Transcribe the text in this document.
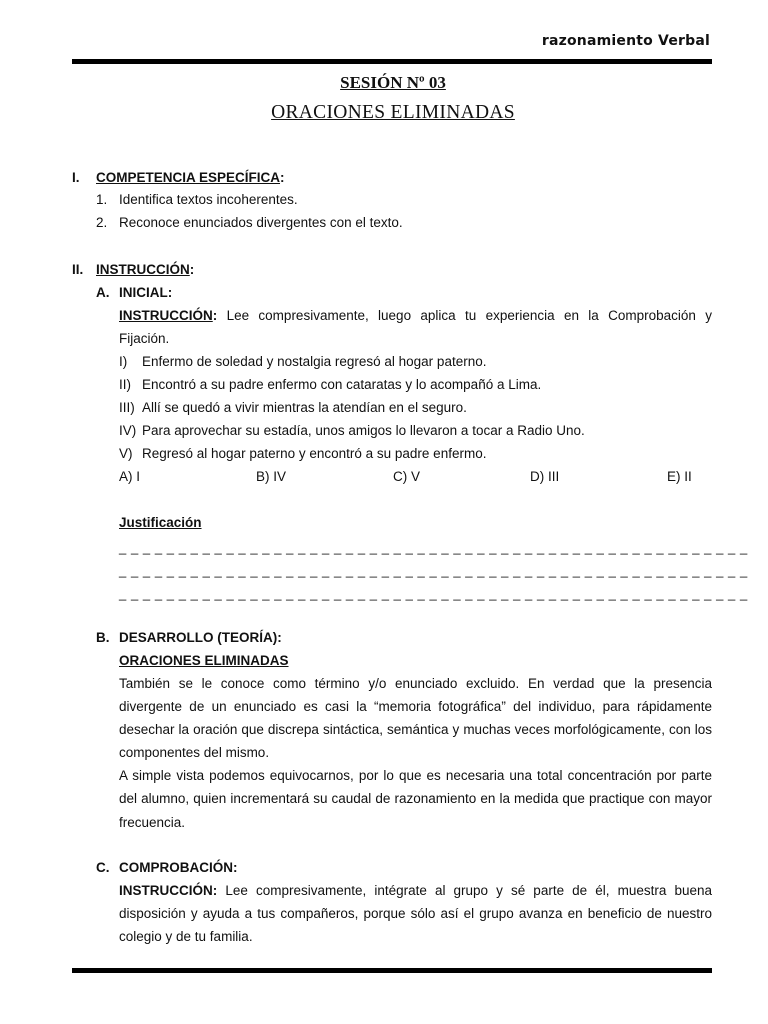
razonamiento Verbal
SESIÓN Nº 03
ORACIONES ELIMINADAS
I. COMPETENCIA ESPECÍFICA:
1. Identifica textos incoherentes.
2. Reconoce enunciados divergentes con el texto.
II. INSTRUCCIÓN:
A. INICIAL:
INSTRUCCIÓN: Lee compresivamente, luego aplica tu experiencia en la Comprobación y
Fijación.
I) Enfermo de soledad y nostalgia regresó al hogar paterno.
II) Encontró a su padre enfermo con cataratas y lo acompañó a Lima.
III) Allí se quedó a vivir mientras la atendían en el seguro.
IV) Para aprovechar su estadía, unos amigos lo llevaron a tocar a Radio Uno.
V) Regresó al hogar paterno y encontró a su padre enfermo.
A) I	B) IV	C) V	D) III	E) II
Justificación
_ _ _ _ _ _ _ _ _ _ _ _ _ _ _ _ _ _ _ _ _ _ _ _ _ _ _ _ _ _ _ _ _ _ _ _ _ _ _ _ _ _ _ _ _ _ _ _ _ _ _ _ _
_ _ _ _ _ _ _ _ _ _ _ _ _ _ _ _ _ _ _ _ _ _ _ _ _ _ _ _ _ _ _ _ _ _ _ _ _ _ _ _ _ _ _ _ _ _ _ _ _ _ _ _ _
_ _ _ _ _ _ _ _ _ _ _ _ _ _ _ _ _ _ _ _ _ _ _ _ _ _ _ _ _ _ _ _ _ _ _ _ _ _ _ _ _ _ _ _ _ _ _ _ _ _ _ _ _
B. DESARROLLO (TEORÍA):
ORACIONES ELIMINADAS

También se le conoce como término y/o enunciado excluido. En verdad que la presencia divergente de un enunciado es casi la “memoria fotográfica” del individuo, para rápidamente desechar la oración que discrepa sintáctica, semántica y muchas veces morfológicamente, con los componentes del mismo.

A simple vista podemos equivocarnos, por lo que es necesaria una total concentración por parte del alumno, quien incrementará su caudal de razonamiento en la medida que practique con mayor frecuencia.

C. COMPROBACIÓN:

INSTRUCCIÓN: Lee compresivamente, intégrate al grupo y sé parte de él, muestra buena disposición y ayuda a tus compañeros, porque sólo así el grupo avanza en beneficio de nuestro colegio y de tu familia.
